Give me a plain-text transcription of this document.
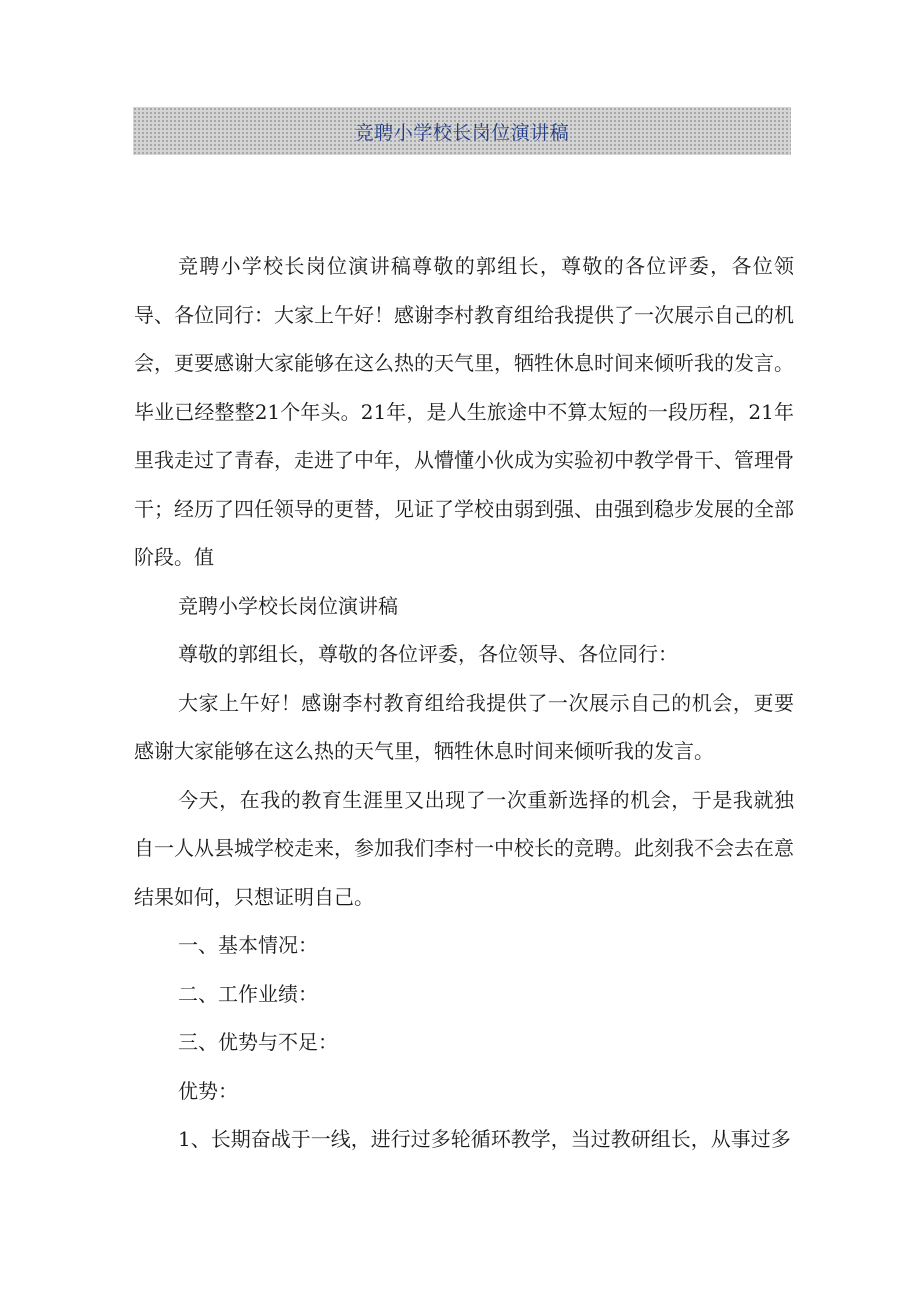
竞聘小学校长岗位演讲稿

竞聘小学校长岗位演讲稿尊敬的郭组长，尊敬的各位评委，各位领导、各位同行：大家上午好！感谢李村教育组给我提供了一次展示自己的机会，更要感谢大家能够在这么热的天气里，牺牲休息时间来倾听我的发言。毕业已经整整21个年头。21年，是人生旅途中不算太短的一段历程，21年里我走过了青春，走进了中年，从懵懂小伙成为实验初中教学骨干、管理骨干；经历了四任领导的更替，见证了学校由弱到强、由强到稳步发展的全部阶段。值

竞聘小学校长岗位演讲稿

尊敬的郭组长，尊敬的各位评委，各位领导、各位同行：

大家上午好！感谢李村教育组给我提供了一次展示自己的机会，更要感谢大家能够在这么热的天气里，牺牲休息时间来倾听我的发言。

今天，在我的教育生涯里又出现了一次重新选择的机会，于是我就独自一人从县城学校走来，参加我们李村一中校长的竞聘。此刻我不会去在意结果如何，只想证明自己。

一、基本情况：

二、工作业绩：

三、优势与不足：

优势：

1、长期奋战于一线，进行过多轮循环教学，当过教研组长，从事过多
